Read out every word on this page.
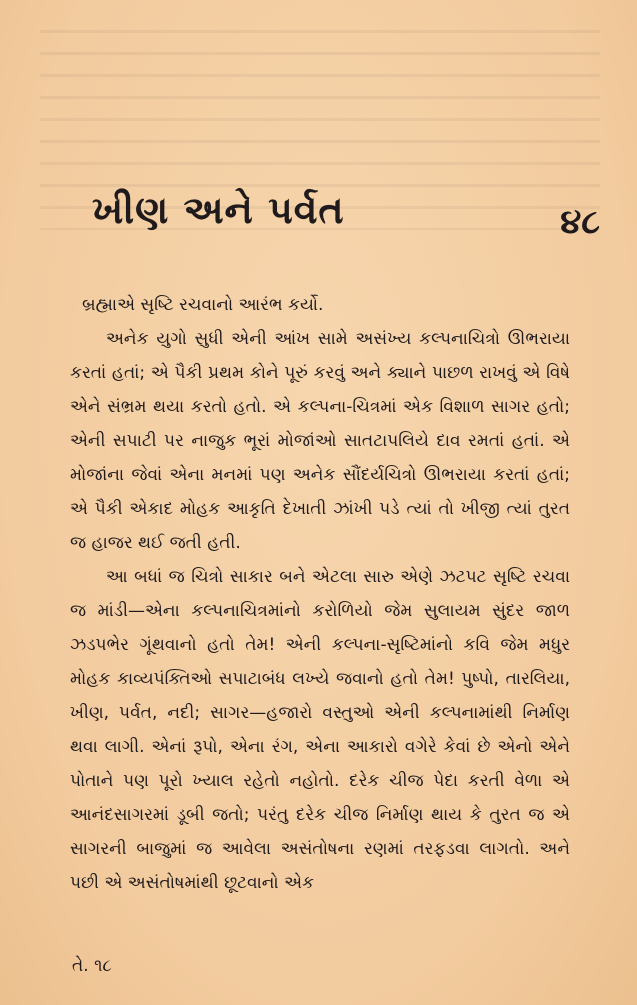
ખીણ અને પર્વત	૪૮

બ્રહ્માએ સૃષ્ટિ રચવાનો આરંભ કર્યો.

અનેક યુગો સુધી એની આંખ સામે અસંખ્ય કલ્પનાચિત્રો ઊભરાયા કરતાં હતાં; એ પૈકી પ્રથમ કોને પૂરું કરવું અને ક્યાને પાછળ રાખવું એ વિષે એને સંભ્રમ થયા કરતો હતો. એ કલ્પના-ચિત્રમાં એક વિશાળ સાગર હતો; એની સપાટી પર નાજુક ભૂરાં મોજાંઓ સાતટાપલિયે દાવ રમતાં હતાં. એ મોજાંના જેવાં એના મનમાં પણ અનેક સૌંદર્યચિત્રો ઊભરાયા કરતાં હતાં; એ પૈકી એકાદ મોહક આકૃતિ દેખાતી ઝાંખી પડે ત્યાં તો ખીજી ત્યાં તુરત જ હાજર થઈ જતી હતી.

આ બધાં જ ચિત્રો સાકાર બને એટલા સારુ એણે ઝટપટ સૃષ્ટિ રચવા જ માંડી—એના કલ્પનાચિત્રમાંનો કરોળિયો જેમ સુલાયમ સુંદર જાળ ઝડપભેર ગૂંથવાનો હતો તેમ! એની કલ્પના-સૃષ્ટિમાંનો કવિ જેમ મધુર મોહક કાવ્યપંક્તિઓ સપાટાબંધ લખ્યે જવાનો હતો તેમ! પુષ્પો, તારલિયા, ખીણ, પર્વત, નદી; સાગર—હજારો વસ્તુઓ એની કલ્પનામાંથી નિર્માણ થવા લાગી. એનાં રૂપો, એના રંગ, એના આકારો વગેરે કેવાં છે એનો એને પોતાને પણ પૂરો ખ્યાલ રહેતો નહોતો. દરેક ચીજ પેદા કરતી વેળા એ આનંદસાગરમાં ડૂબી જતો; પરંતુ દરેક ચીજ નિર્માણ થાય કે તુરત જ એ સાગરની બાજુમાં જ આવેલા અસંતોષના રણમાં તરફડવા લાગતો. અને પછી એ અસંતોષમાંથી છૂટવાનો એક

તે. ૧૮
